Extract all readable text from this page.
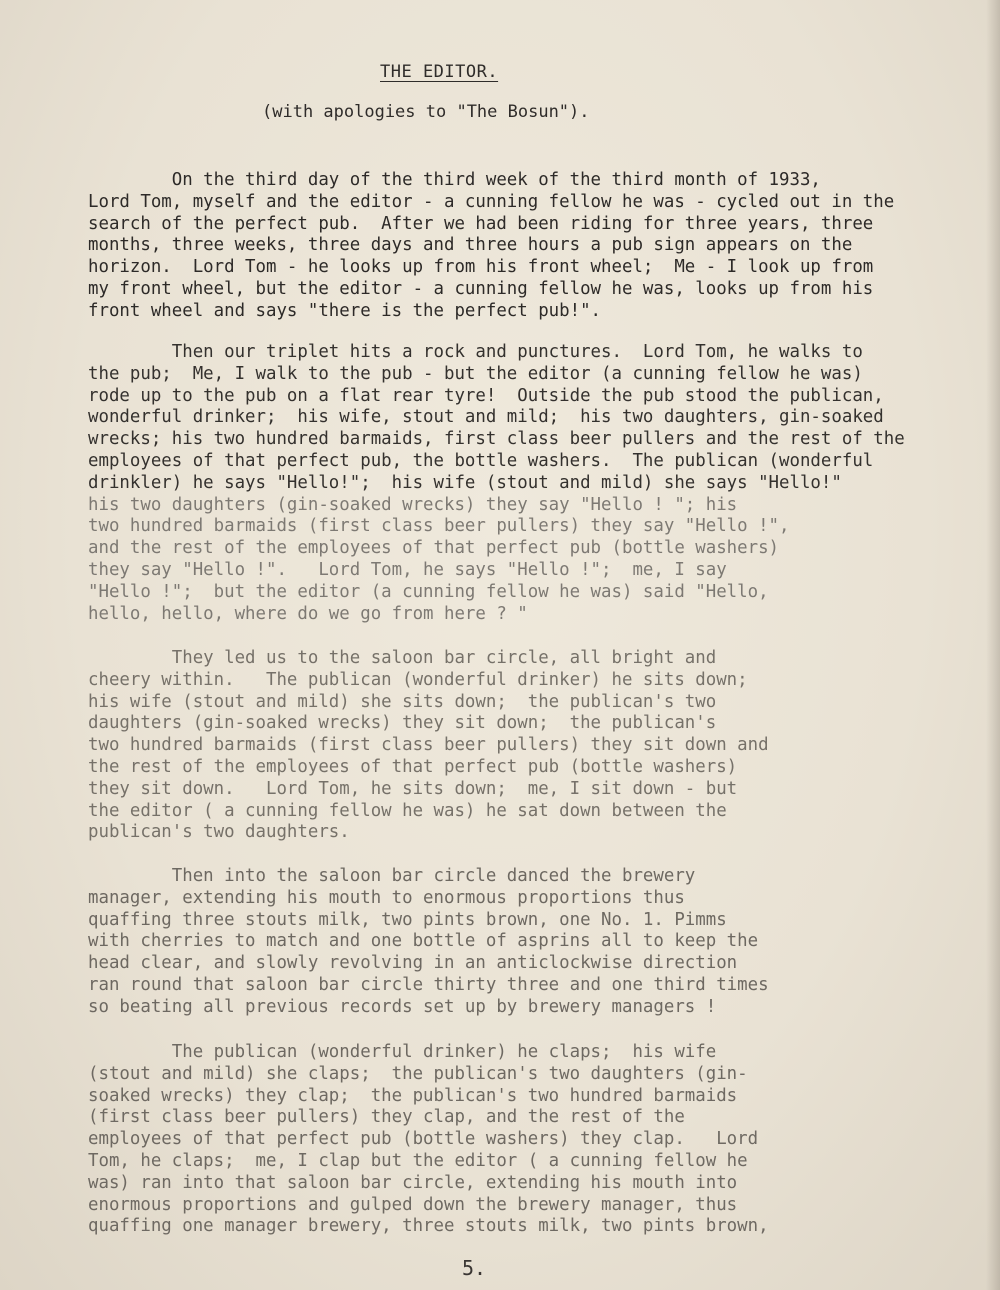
THE EDITOR.
(with apologies to "The Bosun").
On the third day of the third week of the third month of 1933,
Lord Tom, myself and the editor - a cunning fellow he was - cycled out in the
search of the perfect pub.  After we had been riding for three years, three
months, three weeks, three days and three hours a pub sign appears on the
horizon.  Lord Tom - he looks up from his front wheel;  Me - I look up from
my front wheel, but the editor - a cunning fellow he was, looks up from his
front wheel and says "there is the perfect pub!".
Then our triplet hits a rock and punctures.  Lord Tom, he walks to
the pub;  Me, I walk to the pub - but the editor (a cunning fellow he was)
rode up to the pub on a flat rear tyre!  Outside the pub stood the publican,
wonderful drinker;  his wife, stout and mild;  his two daughters, gin-soaked
wrecks; his two hundred barmaids, first class beer pullers and the rest of the
employees of that perfect pub, the bottle washers.  The publican (wonderful
drinkler) he says "Hello!";  his wife (stout and mild) she says "Hello!"
his two daughters (gin-soaked wrecks) they say "Hello ! "; his
two hundred barmaids (first class beer pullers) they say "Hello !",
and the rest of the employees of that perfect pub (bottle washers)
they say "Hello !".   Lord Tom, he says "Hello !";  me, I say
"Hello !";  but the editor (a cunning fellow he was) said "Hello,
hello, hello, where do we go from here ? "
They led us to the saloon bar circle, all bright and
cheery within.   The publican (wonderful drinker) he sits down;
his wife (stout and mild) she sits down;  the publican's two
daughters (gin-soaked wrecks) they sit down;  the publican's
two hundred barmaids (first class beer pullers) they sit down and
the rest of the employees of that perfect pub (bottle washers)
they sit down.   Lord Tom, he sits down;  me, I sit down - but
the editor ( a cunning fellow he was) he sat down between the
publican's two daughters.
Then into the saloon bar circle danced the brewery
manager, extending his mouth to enormous proportions thus
quaffing three stouts milk, two pints brown, one No. 1. Pimms
with cherries to match and one bottle of asprins all to keep the
head clear, and slowly revolving in an anticlockwise direction
ran round that saloon bar circle thirty three and one third times
so beating all previous records set up by brewery managers !
The publican (wonderful drinker) he claps;  his wife
(stout and mild) she claps;  the publican's two daughters (gin-
soaked wrecks) they clap;  the publican's two hundred barmaids
(first class beer pullers) they clap, and the rest of the
employees of that perfect pub (bottle washers) they clap.   Lord
Tom, he claps;  me, I clap but the editor ( a cunning fellow he
was) ran into that saloon bar circle, extending his mouth into
enormous proportions and gulped down the brewery manager, thus
quaffing one manager brewery, three stouts milk, two pints brown,
5.
